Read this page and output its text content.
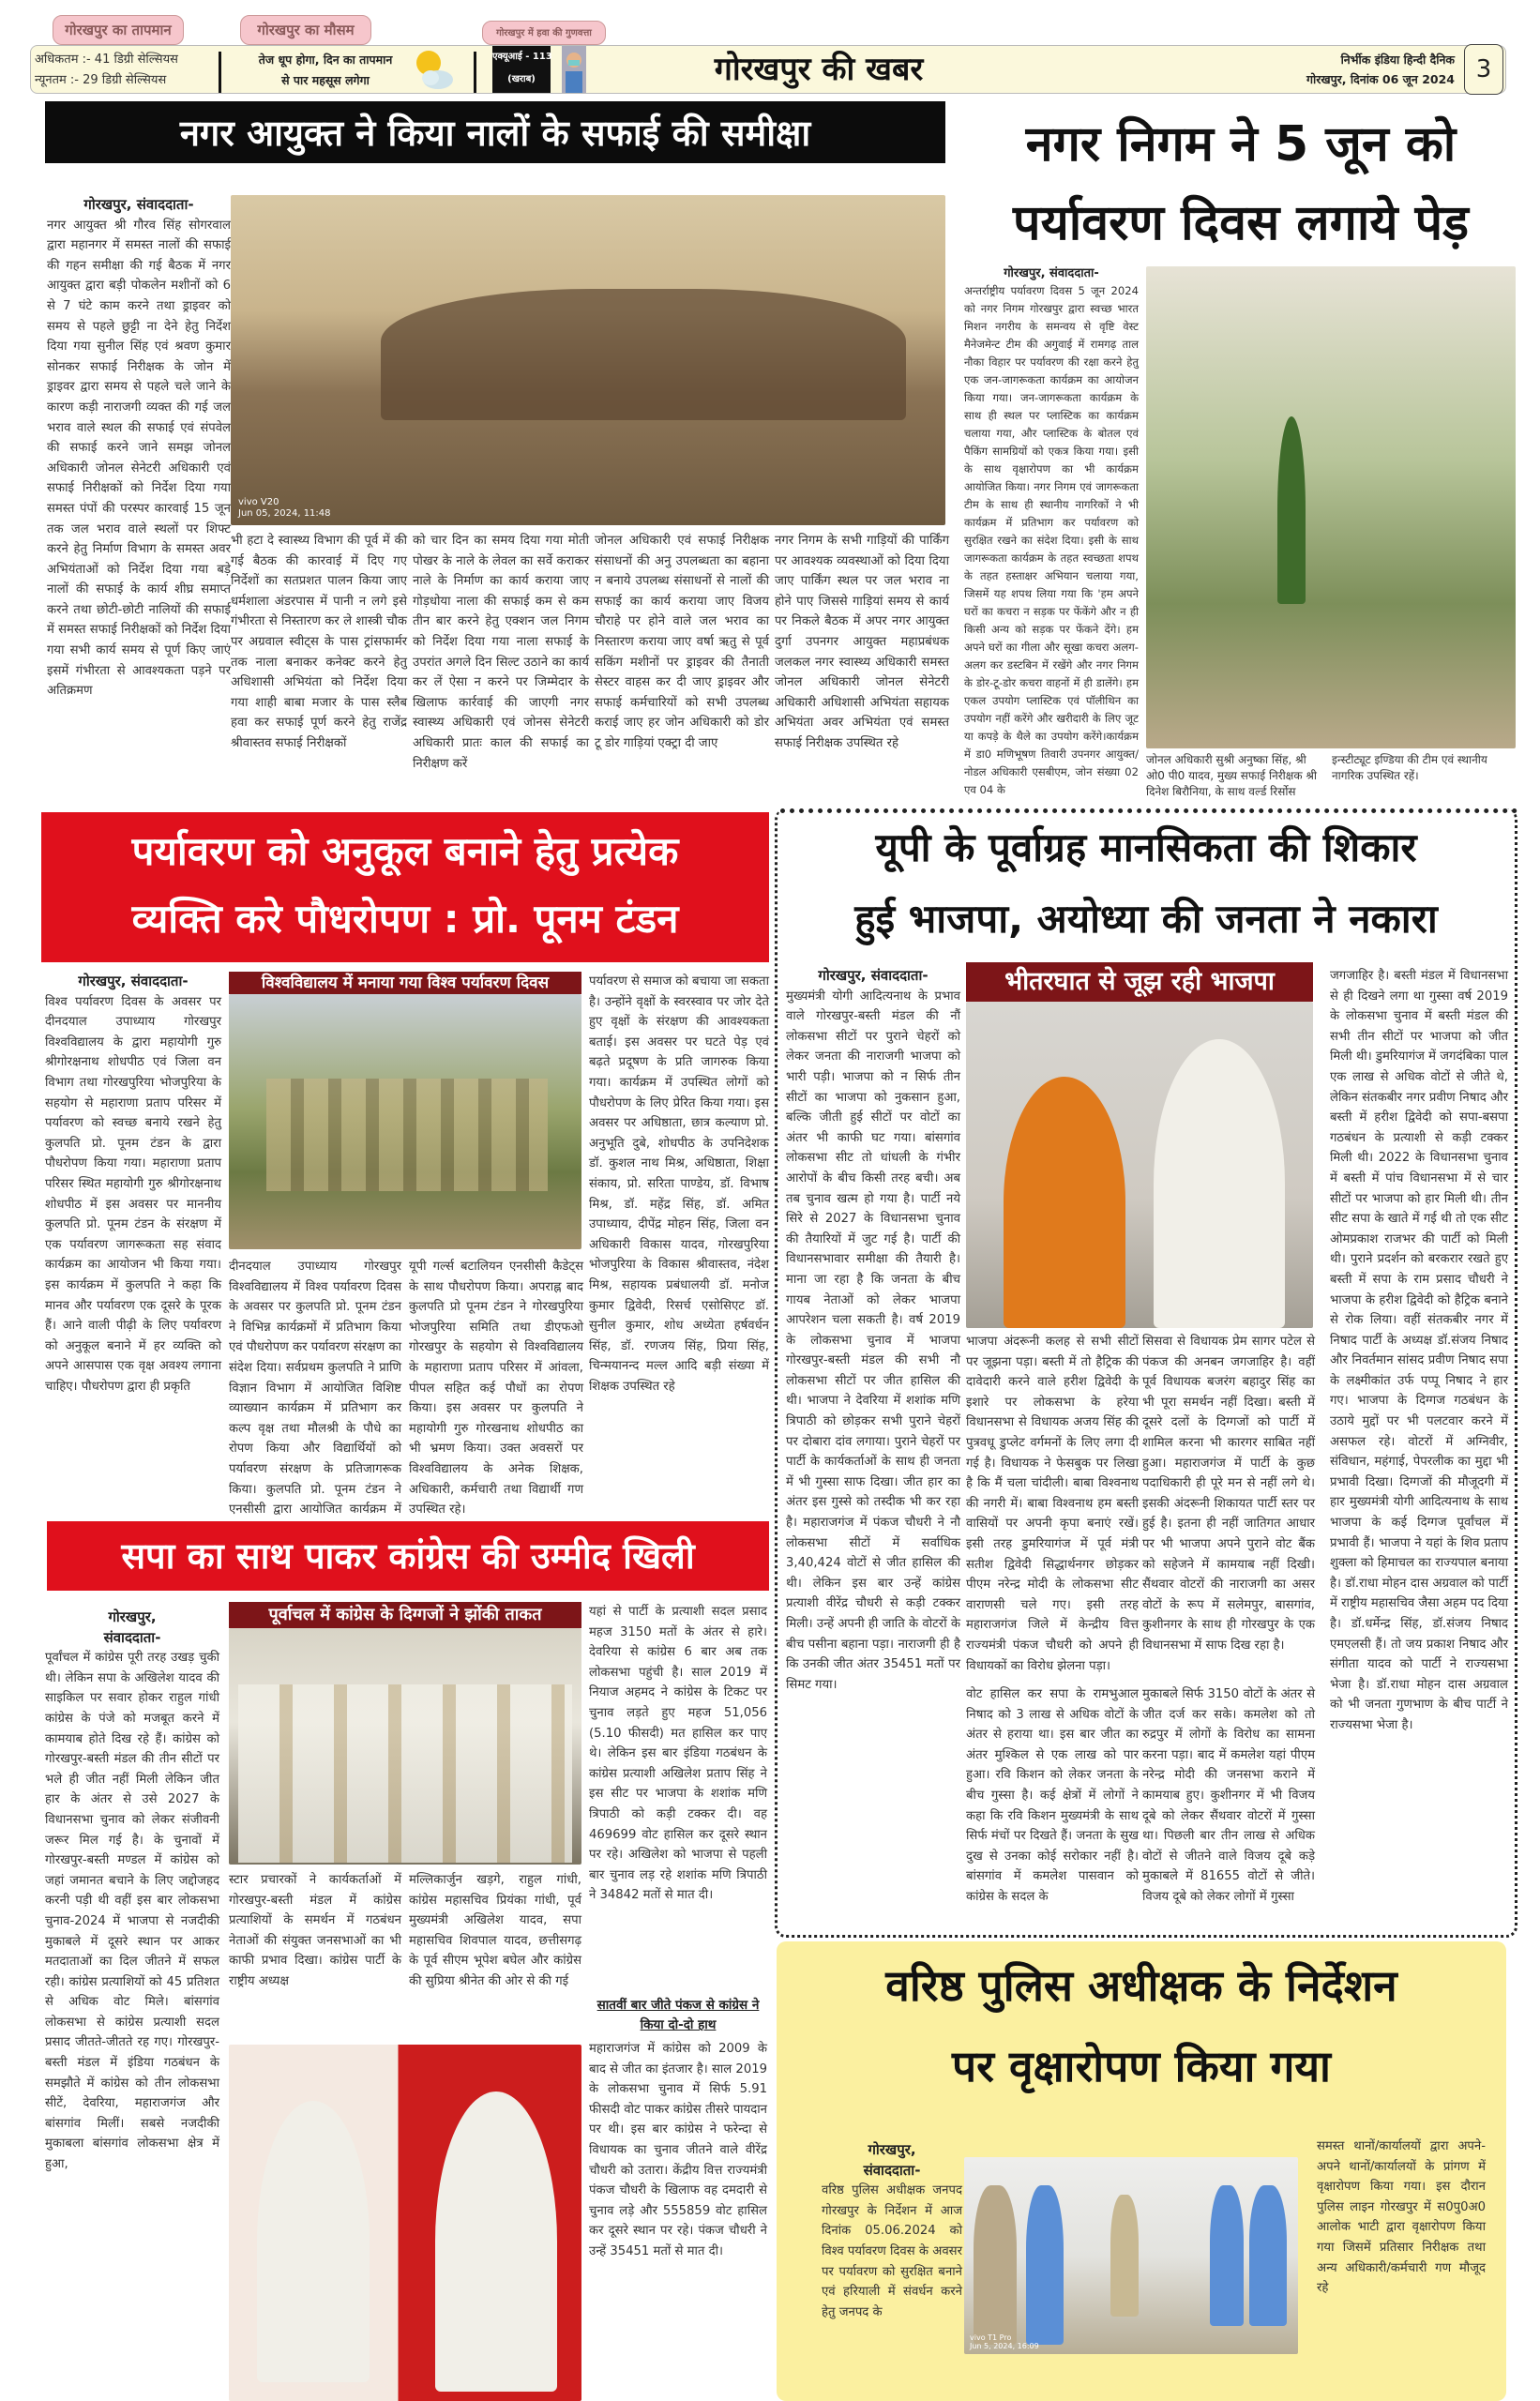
गोरखपुर का तापमान	गोरखपुर का मौसम	गोरखपुर में हवा की गुणवत्ता
अधिकतम :- 41 डिग्री सेल्सियस
न्यूनतम :- 29 डिग्री सेल्सियस
तेज धूप होगा, दिन का तापमान
से पार महसूस लगेगा
एक्यूआई - 113
(खराब)	गोरखपुर की खबर	निर्भीक इंडिया हिन्दी दैनिक
गोरखपुर, दिनांक 06 जून 2024 3
नगर आयुक्त ने किया नालों के सफाई की समीक्षा
गोरखपुर, संवाददाता-
नगर आयुक्त श्री गौरव सिंह सोगरवाल द्वारा महानगर में समस्त नालों की सफाई की गहन समीक्षा की गई बैठक में नगर आयुक्त द्वारा बड़ी पोकलेन मशीनों को 6 से 7 घंटे काम करने तथा ड्राइवर को समय से पहले छुट्टी ना देने हेतु निर्देश दिया गया सुनील सिंह एवं श्रवण कुमार सोनकर सफाई निरीक्षक के जोन में ड्राइवर द्वारा समय से पहले चले जाने के कारण कड़ी नाराजगी व्यक्त की गई जल भराव वाले स्थल की सफाई एवं संपवेल की सफाई करने जाने समझ जोनल अधिकारी जोनल सेनेटरी अधिकारी एवं सफाई निरीक्षकों को निर्देश दिया गया समस्त पंपों की परस्पर कारवाई 15 जून तक जल भराव वाले स्थलों पर शिफ्ट करने हेतु निर्माण विभाग के समस्त अवर अभियंताओं को निर्देश दिया गया बड़े नालों की सफाई के कार्य शीघ्र समाप्त करने तथा छोटी-छोटी नालियों की सफाई में समस्त सफाई निरीक्षकों को निर्देश दिया गया सभी कार्य समय से पूर्ण किए जाएं इसमें गंभीरता से आवश्यकता पड़ने पर अतिक्रमण
vivo V20
Jun 05, 2024, 11:48
भी हटा दे स्वास्थ्य विभाग की पूर्व में की गई बैठक की कारवाई में दिए गए निर्देशों का सतप्रशत पालन किया जाए धर्मशाला अंडरपास में पानी न लगे इसे गंभीरता से निस्तारण कर ले शास्त्री चौक पर अग्रवाल स्वीट्स के पास ट्रांसफार्मर तक नाला बनाकर कनेक्ट करने हेतु अधिशासी अभियंता को निर्देश दिया गया शाही बाबा मजार के पास स्लैब हवा कर सफाई पूर्ण करने हेतु राजेंद्र श्रीवास्तव सफाई निरीक्षकों
को चार दिन का समय दिया गया मोती पोखर के नाले के लेवल का सर्वे कराकर नाले के निर्माण का कार्य कराया जाए गोड़धोया नाला की सफाई कम से कम तीन बार करने हेतु एक्शन जल निगम को निर्देश दिया गया नाला सफाई के उपरांत अगले दिन सिल्ट उठाने का कार्य कर लें ऐसा न करने पर जिम्मेदार के खिलाफ कार्रवाई की जाएगी नगर स्वास्थ्य अधिकारी एवं जोनस सेनेटरी अधिकारी प्रातः काल की सफाई का निरीक्षण करें
जोनल अधिकारी एवं सफाई निरीक्षक संसाधनों की अनु उपलब्धता का बहाना न बनाये उपलब्ध संसाधनों से नालों की सफाई का कार्य कराया जाए विजय चौराहे पर होने वाले जल भराव का निस्तारण कराया जाए वर्षा ऋतु से पूर्व सकिंग मशीनों पर ड्राइवर की तैनाती सेस्टर वाहस कर दी जाए ड्राइवर और सफाई कर्मचारियों को सभी उपलब्ध कराई जाए हर जोन अधिकारी को डोर टू डोर गाड़ियां एक्ट्रा दी जाए
नगर निगम के सभी गाड़ियों की पार्किंग पर आवश्यक व्यवस्थाओं को दिया दिया जाए पार्किंग स्थल पर जल भराव ना होने पाए जिससे गाड़ियां समय से कार्य पर निकले बैठक में अपर नगर आयुक्त दुर्गा उपनगर आयुक्त महाप्रबंधक जलकल नगर स्वास्थ्य अधिकारी समस्त जोनल अधिकारी जोनल सेनेटरी अधिकारी अधिशासी अभियंता सहायक अभियंता अवर अभियंता एवं समस्त सफाई निरीक्षक उपस्थित रहे
नगर निगम ने 5 जून को
पर्यावरण दिवस लगाये पेड़
गोरखपुर, संवाददाता-
अन्तर्राष्ट्रीय पर्यावरण दिवस 5 जून 2024 को नगर निगम गोरखपुर द्वारा स्वच्छ भारत मिशन नगरीय के समन्वय से वृष्टि वेस्ट मैनेजमेन्ट टीम की अगुवाई में रामगढ़ ताल नौका विहार पर पर्यावरण की रक्षा करने हेतु एक जन-जागरूकता कार्यक्रम का आयोजन किया गया। जन-जागरूकता कार्यक्रम के साथ ही स्थल पर प्लास्टिक का कार्यक्रम चलाया गया, और प्लास्टिक के बोतल एवं पैकिंग सामग्रियों को एकत्र किया गया। इसी के साथ वृक्षारोपण का भी कार्यक्रम आयोजित किया। नगर निगम एवं जागरूकता टीम के साथ ही स्थानीय नागरिकों ने भी कार्यक्रम में प्रतिभाग कर पर्यावरण को सुरक्षित रखने का संदेश दिया। इसी के साथ जागरूकता कार्यक्रम के तहत स्वच्छता शपथ के तहत हस्ताक्षर अभियान चलाया गया, जिसमें यह शपथ लिया गया कि 'हम अपने घरों का कचरा न सड़क पर फेंकेंगे और न ही किसी अन्य को सड़क पर फेंकने देंगे। हम अपने घरों का गीला और सूखा कचरा अलग-अलग कर डस्टबिन में रखेंगे और नगर निगम के डोर-टू-डोर कचरा वाहनों में ही डालेंगे। हम एकल उपयोग प्लास्टिक एवं पॉलीथिन का उपयोग नहीं करेंगे और खरीदारी के लिए जूट या कपड़े के थैले का उपयोग करेंगे।कार्यक्रम में डा0 मणिभूषण तिवारी उपनगर आयुक्त/नोडल अधिकारी एसबीएम, जोन संख्या 02 एव 04 के
जोनल अधिकारी सुश्री अनुष्का सिंह, श्री ओ0 पी0 यादव, मुख्य सफाई निरीक्षक श्री दिनेश बिरौनिया, के साथ वर्ल्ड रिर्सोस
इन्स्टीट्यूट इण्डिया की टीम एवं स्थानीय नागरिक उपस्थित रहें।
पर्यावरण को अनुकूल बनाने हेतु प्रत्येक
व्यक्ति करे पौधरोपण : प्रो. पूनम टंडन
गोरखपुर, संवाददाता-
विश्व पर्यावरण दिवस के अवसर पर दीनदयाल उपाध्याय गोरखपुर विश्वविद्यालय के द्वारा महायोगी गुरु श्रीगोरक्षनाथ शोधपीठ एवं जिला वन विभाग तथा गोरखपुरिया भोजपुरिया के सहयोग से महाराणा प्रताप परिसर में पर्यावरण को स्वच्छ बनाये रखने हेतु कुलपति प्रो. पूनम टंडन के द्वारा पौधरोपण किया गया। महाराणा प्रताप परिसर स्थित महायोगी गुरु श्रीगोरक्षनाथ शोधपीठ में इस अवसर पर माननीय कुलपति प्रो. पूनम टंडन के संरक्षण में एक पर्यावरण जागरूकता सह संवाद कार्यक्रम का आयोजन भी किया गया। इस कार्यक्रम में कुलपति ने कहा कि मानव और पर्यावरण एक दूसरे के पूरक हैं। आने वाली पीढ़ी के लिए पर्यावरण को अनुकूल बनाने में हर व्यक्ति को अपने आसपास एक वृक्ष अवश्य लगाना चाहिए। पौधरोपण द्वारा ही प्रकृति
विश्वविद्यालय में मनाया गया विश्व पर्यावरण दिवस
दीनदयाल उपाध्याय गोरखपुर विश्वविद्यालय में विश्व पर्यावरण दिवस के अवसर पर कुलपति प्रो. पूनम टंडन ने विभिन्न कार्यक्रमों में प्रतिभाग किया एवं पौधरोपण कर पर्यावरण संरक्षण का संदेश दिया। सर्वप्रथम कुलपति ने प्राणि विज्ञान विभाग में आयोजित विशिष्ट व्याख्यान कार्यक्रम में प्रतिभाग कर कल्प वृक्ष तथा मौलश्री के पौधे का रोपण किया और विद्यार्थियों को पर्यावरण संरक्षण के प्रतिजागरूक किया। कुलपति प्रो. पूनम टंडन ने एनसीसी द्वारा आयोजित कार्यक्रम में
यूपी गर्ल्स बटालियन एनसीसी कैडेट्स के साथ पौधरोपण किया। अपराह्न बाद कुलपति प्रो पूनम टंडन ने गोरखपुरिया भोजपुरिया समिति तथा डीएफओ गोरखपुर के सहयोग से विश्वविद्यालय के महाराणा प्रताप परिसर में आंवला, पीपल सहित कई पौधों का रोपण किया। इस अवसर पर कुलपति ने महायोगी गुरु गोरखनाथ शोधपीठ का भी भ्रमण किया। उक्त अवसरों पर विश्वविद्यालय के अनेक शिक्षक, अधिकारी, कर्मचारी तथा विद्यार्थी गण उपस्थित रहे।
पर्यावरण से समाज को बचाया जा सकता है। उन्होंने वृक्षों के स्वरस्वाव पर जोर देते हुए वृक्षों के संरक्षण की आवश्यकता बताई। इस अवसर पर घटते पेड़ एवं बढ़ते प्रदूषण के प्रति जागरुक किया गया। कार्यक्रम में उपस्थित लोगों को पौधरोपण के लिए प्रेरित किया गया। इस अवसर पर अधिष्ठाता, छात्र कल्याण प्रो. अनुभूति दुबे, शोधपीठ के उपनिदेशक डॉ. कुशल नाथ मिश्र, अधिष्ठाता, शिक्षा संकाय, प्रो. सरिता पाण्डेय, डॉ. विभाष मिश्र, डॉ. महेंद्र सिंह, डॉ. अमित उपाध्याय, दीपेंद्र मोहन सिंह, जिला वन अधिकारी विकास यादव, गोरखपुरिया भोजपुरिया के विकास श्रीवास्तव, नंदेश मिश्र, सहायक प्रबंधालयी डॉ. मनोज कुमार द्विवेदी, रिसर्च एसोसिएट डॉ. सुनील कुमार, शोध अध्येता हर्षवर्धन सिंह, डॉ. रणजय सिंह, प्रिया सिंह, चिन्मयानन्द मल्ल आदि बड़ी संख्या में शिक्षक उपस्थित रहे
यूपी के पूर्वाग्रह मानसिकता की शिकार
हुई भाजपा, अयोध्या की जनता ने नकारा
गोरखपुर, संवाददाता-
मुख्यमंत्री योगी आदित्यनाथ के प्रभाव वाले गोरखपुर-बस्ती मंडल की नौं लोकसभा सीटों पर पुराने चेहरों को लेकर जनता की नाराजगी भाजपा को भारी पड़ी। भाजपा को न सिर्फ तीन सीटों का भाजपा को नुकसान हुआ, बल्कि जीती हुई सीटों पर वोटों का अंतर भी काफी घट गया। बांसगांव लोकसभा सीट तो धांधली के गंभीर आरोपों के बीच किसी तरह बची। अब तब चुनाव खत्म हो गया है। पार्टी नये सिरे से 2027 के विधानसभा चुनाव की तैयारियों में जुट गई है। पार्टी की विधानसभावार समीक्षा की तैयारी है। माना जा रहा है कि जनता के बीच गायब नेताओं को लेकर भाजपा आपरेशन चला सकती है। वर्ष 2019 के लोकसभा चुनाव में भाजपा गोरखपुर-बस्ती मंडल की सभी नौ लोकसभा सीटों पर जीत हासिल की थी। भाजपा ने देवरिया में शशांक मणि त्रिपाठी को छोड़कर सभी पुराने चेहरों पर दोबारा दांव लगाया। पुराने चेहरों पर पार्टी के कार्यकर्ताओं के साथ ही जनता में भी गुस्सा साफ दिखा। जीत हार का अंतर इस गुस्से को तस्दीक भी कर रहा है। महाराजगंज में पंकज चौधरी ने नौ लोकसभा सीटों में सर्वाधिक 3,40,424 वोटों से जीत हासिल की थी। लेकिन इस बार उन्हें कांग्रेस प्रत्याशी वीरेंद्र चौधरी से कड़ी टक्कर मिली। उन्हें अपनी ही जाति के वोटरों के बीच पसीना बहाना पड़ा। नाराजगी ही है कि उनकी जीत अंतर 35451 मतों पर सिमट गया।
भीतरघात से जूझ रही भाजपा
भाजपा अंदरूनी कलह से सभी सीटों पर जूझना पड़ा। बस्ती में तो हैट्रिक की दावेदारी करने वाले हरीश द्विवेदी के इशारे पर लोकसभा के हरेया विधानसभा से विधायक अजय सिंह की पुत्रवधू डुप्लेट वर्गमनों के लिए लगा दी गई है। विधायक ने फेसबुक पर लिखा है कि मैं चला चांदीली। बाबा विश्वनाथ की नगरी में। बाबा विश्वनाथ हम बस्ती वासियों पर अपनी कृपा बनाएं रखें। इसी तरह डुमरियागंज में पूर्व मंत्री सतीश द्विवेदी सिद्धार्थनगर छोड़कर पीएम नरेन्द्र मोदी के लोकसभा सीट वाराणसी चले गए। इसी तरह महाराजगंज जिले में केन्द्रीय वित्त राज्यमंत्री पंकज चौधरी को अपने ही विधायकों का विरोध झेलना पड़ा।
सिसवा से विधायक प्रेम सागर पटेल से पंकज की अनबन जगजाहिर है। वहीं पूर्व विधायक बजरंग बहादुर सिंह का भी पूरा समर्थन नहीं दिखा। बस्ती में दूसरे दलों के दिग्गजों को पार्टी में शामिल करना भी कारगर साबित नहीं हुआ। महाराजगंज में पार्टी के कुछ पदाधिकारी ही पूरे मन से नहीं लगे थे। इसकी अंदरूनी शिकायत पार्टी स्तर पर हुई है। इतना ही नहीं जातिगत आधार पर भी भाजपा अपने पुराने वोट बैंक को सहेजने में कामयाब नहीं दिखी। सैंथवार वोटरों की नाराजगी का असर वोटों के रूप में सलेमपुर, बासगांव, कुशीनगर के साथ ही गोरखपुर के एक विधानसभा में साफ दिख रहा है।
जगजाहिर है। बस्ती मंडल में विधानसभा से ही दिखने लगा था गुस्सा वर्ष 2019 के लोकसभा चुनाव में बस्ती मंडल की सभी तीन सीटों पर भाजपा को जीत मिली थी। डुमरियागंज में जगदंबिका पाल एक लाख से अधिक वोटों से जीते थे, लेकिन संतकबीर नगर प्रवीण निषाद और बस्ती में हरीश द्विवेदी को सपा-बसपा गठबंधन के प्रत्याशी से कड़ी टक्कर मिली थी। 2022 के विधानसभा चुनाव में बस्ती में पांच विधानसभा में से चार सीटों पर भाजपा को हार मिली थी। तीन सीट सपा के खाते में गई थी तो एक सीट ओमप्रकाश राजभर की पार्टी को मिली थी। पुराने प्रदर्शन को बरकरार रखते हुए बस्ती में सपा के राम प्रसाद चौधरी ने भाजपा के हरीश द्विवेदी को हैट्रिक बनाने से रोक लिया। वहीं संतकबीर नगर में निषाद पार्टी के अध्यक्ष डॉ.संजय निषाद और निवर्तमान सांसद प्रवीण निषाद सपा के लक्ष्मीकांत उर्फ पप्पू निषाद ने हार गए। भाजपा के दिग्गज गठबंधन के उठाये मुद्दों पर भी पलटवार करने में असफल रहे। वोटरों में अग्निवीर, संविधान, महंगाई, पेपरलीक का मुद्दा भी प्रभावी दिखा। दिग्गजों की मौजूदगी में हार मुख्यमंत्री योगी आदित्यनाथ के साथ भाजपा के कई दिग्गज पूर्वांचल में प्रभावी हैं। भाजपा ने यहां के शिव प्रताप शुक्ला को हिमाचल का राज्यपाल बनाया है। डॉ.राधा मोहन दास अग्रवाल को पार्टी में राष्ट्रीय महासचिव जैसा अहम पद दिया है। डॉ.धर्मेन्द्र सिंह, डॉ.संजय निषाद एमएलसी हैं। तो जय प्रकाश निषाद और संगीता यादव को पार्टी ने राज्यसभा भेजा है। डॉ.राधा मोहन दास अग्रवाल को भी जनता गुणभाण के बीच पार्टी ने राज्यसभा भेजा है।
वोट हासिल कर सपा के रामभुआल निषाद को 3 लाख से अधिक वोटों के अंतर से हराया था। इस बार जीत का अंतर मुश्किल से एक लाख को पार हुआ। रवि किशन को लेकर जनता के बीच गुस्सा है। कई क्षेत्रों में लोगों ने कहा कि रवि किशन मुख्यमंत्री के साथ सिर्फ मंचों पर दिखते हैं। जनता के सुख दुख से उनका कोई सरोकार नहीं है। बांसगांव में कमलेश पासवान को कांग्रेस के सदल के
मुकाबले सिर्फ 3150 वोटों के अंतर से जीत दर्ज कर सके। कमलेश को तो रुद्रपुर में लोगों के विरोध का सामना करना पड़ा। बाद में कमलेश यहां पीएम नरेन्द्र मोदी की जनसभा कराने में कामयाब हुए। कुशीनगर में भी विजय दूबे को लेकर सैंथवार वोटरों में गुस्सा था। पिछली बार तीन लाख से अधिक वोटों से जीतने वाले विजय दूबे कड़े मुकाबले में 81655 वोटों से जीते। विजय दूबे को लेकर लोगों में गुस्सा
सपा का साथ पाकर कांग्रेस की उम्मीद खिली
गोरखपुर,
संवाददाता-
पूर्वांचल में कांग्रेस पूरी तरह उखड़ चुकी थी। लेकिन सपा के अखिलेश यादव की साइकिल पर सवार होकर राहुल गांधी कांग्रेस के पंजे को मजबूत करने में कामयाब होते दिख रहे हैं। कांग्रेस को गोरखपुर-बस्ती मंडल की तीन सीटों पर भले ही जीत नहीं मिली लेकिन जीत हार के अंतर से उसे 2027 के विधानसभा चुनाव को लेकर संजीवनी जरूर मिल गई है। के चुनावों में गोरखपुर-बस्ती मण्डल में कांग्रेस को जहां जमानत बचाने के लिए जद्दोजहद करनी पड़ी थी वहीं इस बार लोकसभा चुनाव-2024 में भाजपा से नजदीकी मुकाबले में दूसरे स्थान पर आकर मतदाताओं का दिल जीतने में सफल रही। कांग्रेस प्रत्याशियों को 45 प्रतिशत से अधिक वोट मिले। बांसगांव लोकसभा से कांग्रेस प्रत्याशी सदल प्रसाद जीतते-जीतते रह गए। गोरखपुर-बस्ती मंडल में इंडिया गठबंधन के समझौते में कांग्रेस को तीन लोकसभा सीटें, देवरिया, महाराजगंज और बांसगांव मिलीं। सबसे नजदीकी मुकाबला बांसगांव लोकसभा क्षेत्र में हुआ,
पूर्वाचल में कांग्रेस के दिग्गजों ने झोंकी ताकत
स्टार प्रचारकों ने कार्यकर्ताओं में गोरखपुर-बस्ती मंडल में कांग्रेस प्रत्याशियों के समर्थन में गठबंधन नेताओं की संयुक्त जनसभाओं का भी काफी प्रभाव दिखा। कांग्रेस पार्टी के राष्ट्रीय अध्यक्ष
मल्लिकार्जुन खड़गे, राहुल गांधी, कांग्रेस महासचिव प्रियंका गांधी, पूर्व मुख्यमंत्री अखिलेश यादव, सपा महासचिव शिवपाल यादव, छत्तीसगढ़ के पूर्व सीएम भूपेश बघेल और कांग्रेस की सुप्रिया श्रीनेत की ओर से की गई
यहां से पार्टी के प्रत्याशी सदल प्रसाद महज 3150 मतों के अंतर से हारे। देवरिया से कांग्रेस 6 बार अब तक लोकसभा पहुंची है। साल 2019 में नियाज अहमद ने कांग्रेस के टिकट पर चुनाव लड़ते हुए महज 51,056 (5.10 फीसदी) मत हासिल कर पाए थे। लेकिन इस बार इंडिया गठबंधन के कांग्रेस प्रत्याशी अखिलेश प्रताप सिंह ने इस सीट पर भाजपा के शशांक मणि त्रिपाठी को कड़ी टक्कर दी। वह 469699 वोट हासिल कर दूसरे स्थान पर रहे। अखिलेश को भाजपा से पहली बार चुनाव लड़ रहे शशांक मणि त्रिपाठी ने 34842 मतों से मात दी।
सातवीं बार जीते पंकज से कांग्रेस ने किया दो-दो हाथ
महाराजगंज में कांग्रेस को 2009 के बाद से जीत का इंतजार है। साल 2019 के लोकसभा चुनाव में सिर्फ 5.91 फीसदी वोट पाकर कांग्रेस तीसरे पायदान पर थी। इस बार कांग्रेस ने फरेन्दा से विधायक का चुनाव जीतने वाले वीरेंद्र चौधरी को उतारा। केंद्रीय वित्त राज्यमंत्री पंकज चौधरी के खिलाफ वह दमदारी से चुनाव लड़े और 555859 वोट हासिल कर दूसरे स्थान पर रहे। पंकज चौधरी ने उन्हें 35451 मतों से मात दी।
वरिष्ठ पुलिस अधीक्षक के निर्देशन
पर वृक्षारोपण किया गया
गोरखपुर,
संवाददाता-
वरिष्ठ पुलिस अधीक्षक जनपद गोरखपुर के निर्देशन में आज दिनांक 05.06.2024 को विश्व पर्यावरण दिवस के अवसर पर पर्यावरण को सुरक्षित बनाने एवं हरियाली में संवर्धन करने हेतु जनपद के
vivo T1 Pro
Jun 5, 2024, 16:09
समस्त थानों/कार्यालयों द्वारा अपने-अपने थानों/कार्यालयों के प्रांगण में वृक्षारोपण किया गया। इस दौरान पुलिस लाइन गोरखपुर में स0पु0अ0 आलोक भाटी द्वारा वृक्षारोपण किया गया जिसमें प्रतिसार निरीक्षक तथा अन्य अधिकारी/कर्मचारी गण मौजूद रहे
